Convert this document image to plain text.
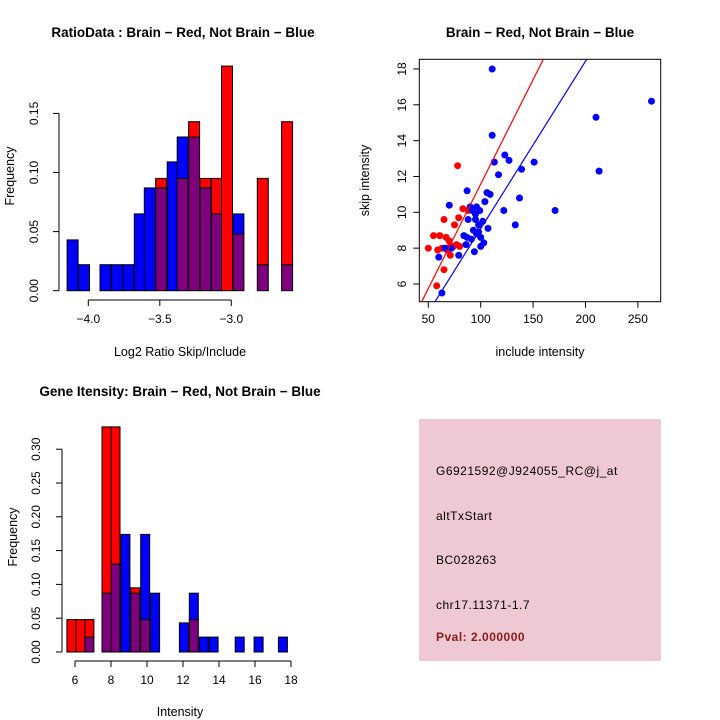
RatioData : Brain − Red, Not Brain − Blue
Log2 Ratio Skip/Include
Frequency
0.00
0.05
0.10
0.15
−4.0	−3.5	−3.0
Brain − Red, Not Brain − Blue
include intensity
skip intensity
50	100	150	200	250
6
8
10
12
14
16
18
Gene Itensity: Brain − Red, Not Brain − Blue
Intensity
Frequency
0.00
0.05
0.10
0.15
0.20
0.25
0.30
6 8 10 12 14 16 18
G6921592@J924055_RC@j_at
altTxStart
BC028263
chr17.11371-1.7
Pval: 2.000000
